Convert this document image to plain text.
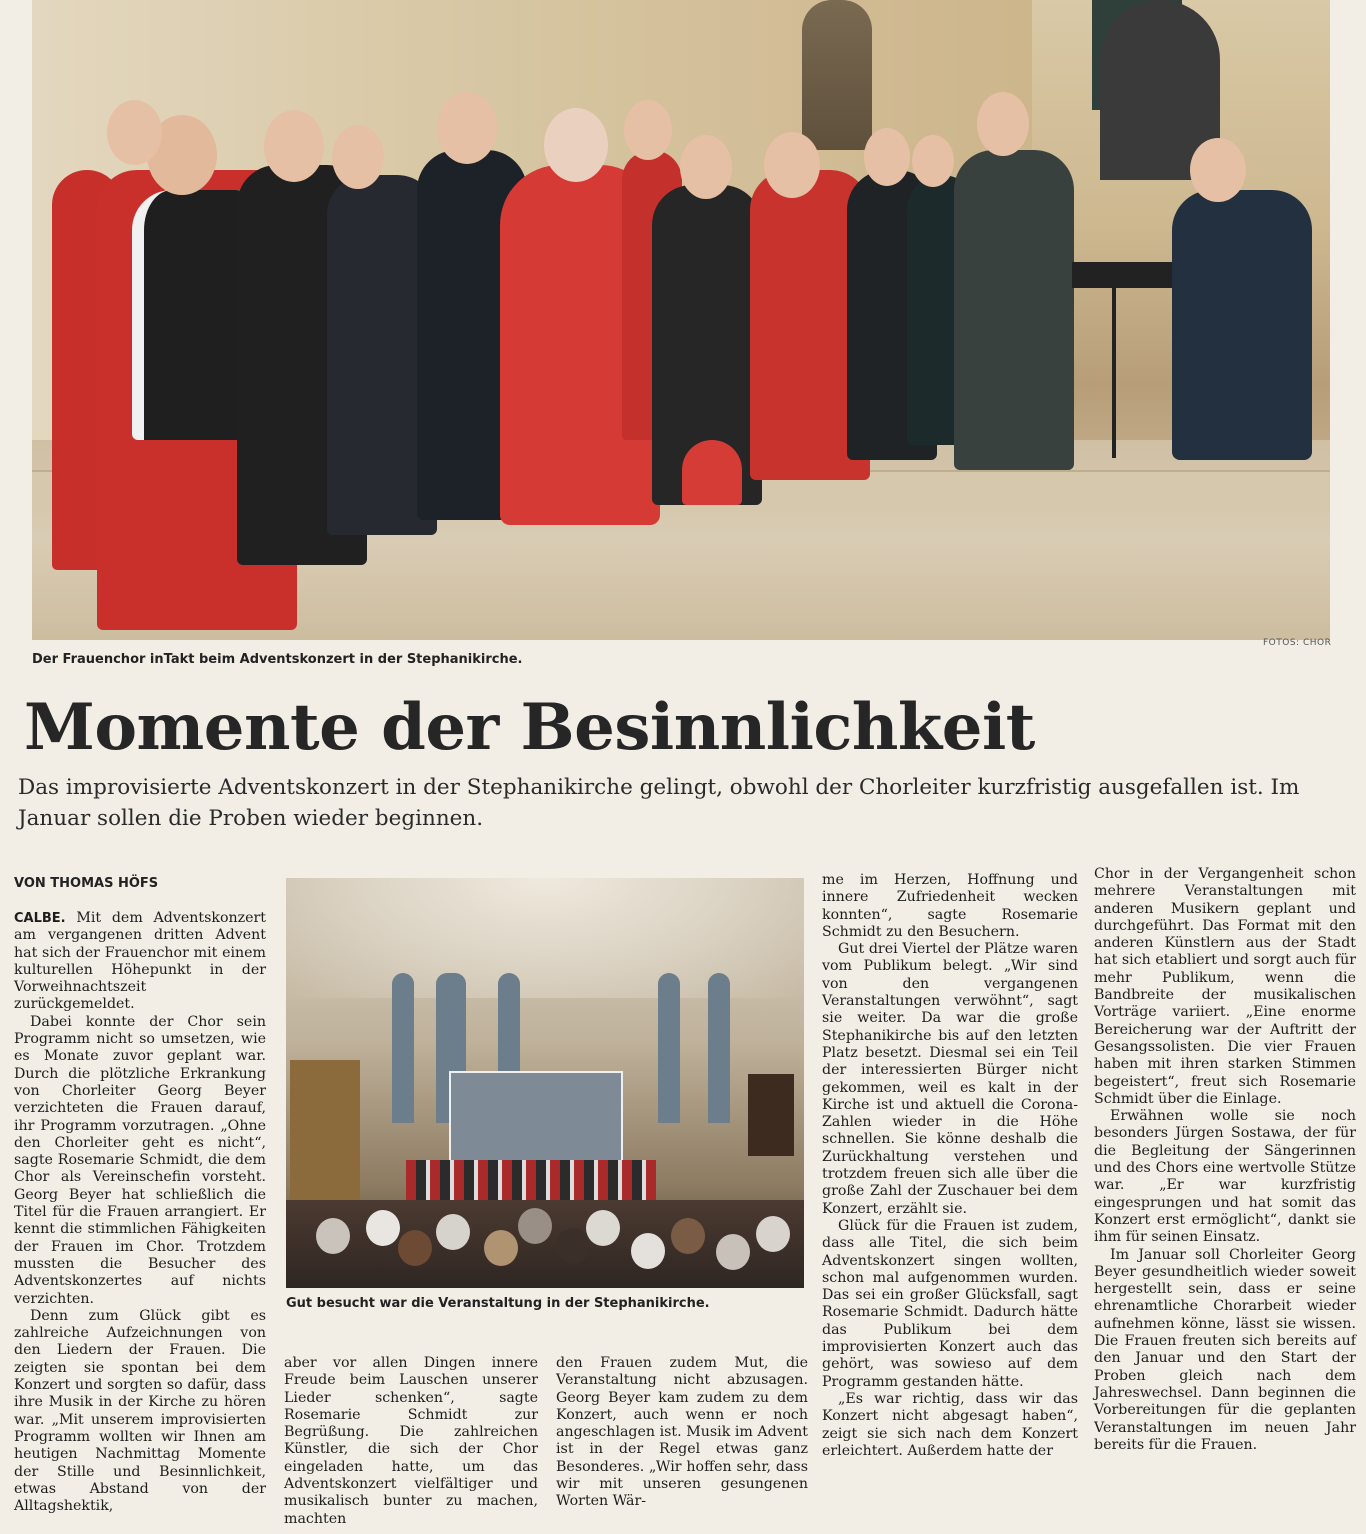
Der Frauenchor inTakt beim Adventskonzert in der Stephanikirche.
FOTOS: CHOR
Momente der Besinnlichkeit
Das improvisierte Adventskonzert in der Stephanikirche gelingt, obwohl der Chorleiter kurzfristig ausgefallen ist. Im Januar sollen die Proben wieder beginnen.
VON THOMAS HÖFS

CALBE. Mit dem Adventskonzert am vergangenen dritten Advent hat sich der Frauenchor mit einem kulturellen Höhepunkt in der Vorweihnachtszeit zurückgemeldet.

Dabei konnte der Chor sein Programm nicht so umsetzen, wie es Monate zuvor geplant war. Durch die plötzliche Erkrankung von Chorleiter Georg Beyer verzichteten die Frauen darauf, ihr Programm vorzutragen. „Ohne den Chorleiter geht es nicht“, sagte Rosemarie Schmidt, die dem Chor als Vereinschefin vorsteht. Georg Beyer hat schließlich die Titel für die Frauen arrangiert. Er kennt die stimmlichen Fähigkeiten der Frauen im Chor. Trotzdem mussten die Besucher des Adventskonzertes auf nichts verzichten.

Denn zum Glück gibt es zahlreiche Aufzeichnungen von den Liedern der Frauen. Die zeigten sie spontan bei dem Konzert und sorgten so dafür, dass ihre Musik in der Kirche zu hören war. „Mit unserem improvisierten Programm wollten wir Ihnen am heutigen Nachmittag Momente der Stille und Besinnlichkeit, etwas Abstand von der Alltagshektik,

Gut besucht war die Veranstaltung in der Stephanikirche.

aber vor allen Dingen innere Freude beim Lauschen unserer Lieder schenken“, sagte Rosemarie Schmidt zur Begrüßung. Die zahlreichen Künstler, die sich der Chor eingeladen hatte, um das Adventskonzert vielfältiger und musikalisch bunter zu machen, machten

den Frauen zudem Mut, die Veranstaltung nicht abzusagen. Georg Beyer kam zudem zu dem Konzert, auch wenn er noch angeschlagen ist. Musik im Advent ist in der Regel etwas ganz Besonderes. „Wir hoffen sehr, dass wir mit unseren gesungenen Worten Wär-

me im Herzen, Hoffnung und innere Zufriedenheit wecken konnten“, sagte Rosemarie Schmidt zu den Besuchern.

Gut drei Viertel der Plätze waren vom Publikum belegt. „Wir sind von den vergangenen Veranstaltungen verwöhnt“, sagt sie weiter. Da war die große Stephanikirche bis auf den letzten Platz besetzt. Diesmal sei ein Teil der interessierten Bürger nicht gekommen, weil es kalt in der Kirche ist und aktuell die Corona-Zahlen wieder in die Höhe schnellen. Sie könne deshalb die Zurückhaltung verstehen und trotzdem freuen sich alle über die große Zahl der Zuschauer bei dem Konzert, erzählt sie.

Glück für die Frauen ist zudem, dass alle Titel, die sich beim Adventskonzert singen wollten, schon mal aufgenommen wurden. Das sei ein großer Glücksfall, sagt Rosemarie Schmidt. Dadurch hätte das Publikum bei dem improvisierten Konzert auch das gehört, was sowieso auf dem Programm gestanden hätte.

„Es war richtig, dass wir das Konzert nicht abgesagt haben“, zeigt sie sich nach dem Konzert erleichtert. Außerdem hatte der

Chor in der Vergangenheit schon mehrere Veranstaltungen mit anderen Musikern geplant und durchgeführt. Das Format mit den anderen Künstlern aus der Stadt hat sich etabliert und sorgt auch für mehr Publikum, wenn die Bandbreite der musikalischen Vorträge variiert. „Eine enorme Bereicherung war der Auftritt der Gesangssolisten. Die vier Frauen haben mit ihren starken Stimmen begeistert“, freut sich Rosemarie Schmidt über die Einlage.

Erwähnen wolle sie noch besonders Jürgen Sostawa, der für die Begleitung der Sängerinnen und des Chors eine wertvolle Stütze war. „Er war kurzfristig eingesprungen und hat somit das Konzert erst ermöglicht“, dankt sie ihm für seinen Einsatz.

Im Januar soll Chorleiter Georg Beyer gesundheitlich wieder soweit hergestellt sein, dass er seine ehrenamtliche Chorarbeit wieder aufnehmen könne, lässt sie wissen. Die Frauen freuten sich bereits auf den Januar und den Start der Proben gleich nach dem Jahreswechsel. Dann beginnen die Vorbereitungen für die geplanten Veranstaltungen im neuen Jahr bereits für die Frauen.
